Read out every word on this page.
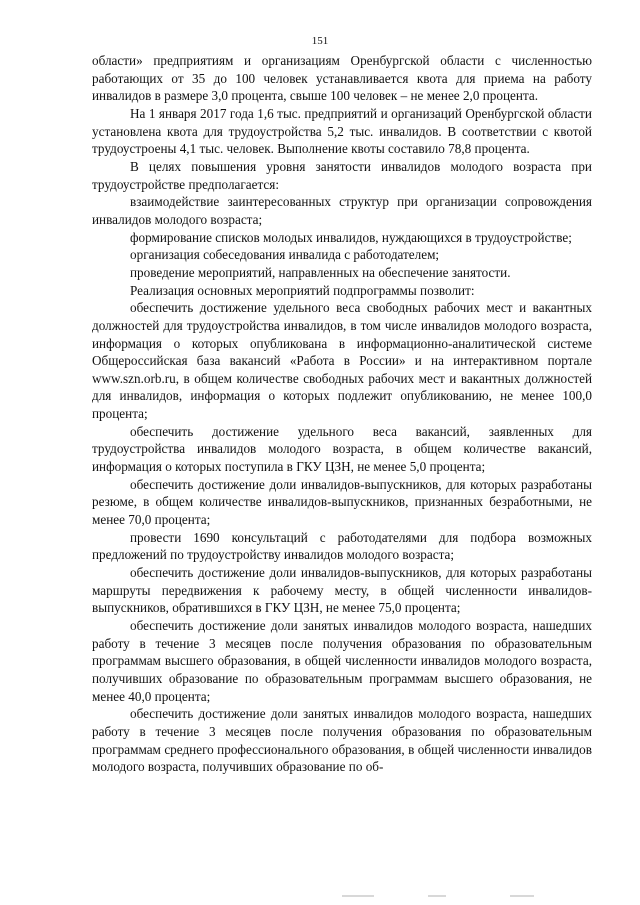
151

области» предприятиям и организациям Оренбургской области с численностью работающих от 35 до 100 человек устанавливается квота для приема на работу инвалидов в размере 3,0 процента, свыше 100 человек – не менее 2,0 процента.

На 1 января 2017 года 1,6 тыс. предприятий и организаций Оренбургской области установлена квота для трудоустройства 5,2 тыс. инвалидов. В соответствии с квотой трудоустроены 4,1 тыс. человек. Выполнение квоты составило 78,8 процента.

В целях повышения уровня занятости инвалидов молодого возраста при трудоустройстве предполагается:

взаимодействие заинтересованных структур при организации сопровождения инвалидов молодого возраста;

формирование списков молодых инвалидов, нуждающихся в трудоустройстве;

организация собеседования инвалида с работодателем;

проведение мероприятий, направленных на обеспечение занятости.

Реализация основных мероприятий подпрограммы позволит:

обеспечить достижение удельного веса свободных рабочих мест и вакантных должностей для трудоустройства инвалидов, в том числе инвалидов молодого возраста, информация о которых опубликована в информационно-аналитической системе Общероссийская база вакансий «Работа в России» и на интерактивном портале www.szn.orb.ru, в общем количестве свободных рабочих мест и вакантных должностей для инвалидов, информация о которых подлежит опубликованию, не менее 100,0 процента;

обеспечить достижение удельного веса вакансий, заявленных для трудоустройства инвалидов молодого возраста, в общем количестве вакансий, информация о которых поступила в ГКУ ЦЗН, не менее 5,0 процента;

обеспечить достижение доли инвалидов-выпускников, для которых разработаны резюме, в общем количестве инвалидов-выпускников, признанных безработными, не менее 70,0 процента;

провести 1690 консультаций с работодателями для подбора возможных предложений по трудоустройству инвалидов молодого возраста;

обеспечить достижение доли инвалидов-выпускников, для которых разработаны маршруты передвижения к рабочему месту, в общей численности инвалидов-выпускников, обратившихся в ГКУ ЦЗН, не менее 75,0 процента;

обеспечить достижение доли занятых инвалидов молодого возраста, нашедших работу в течение 3 месяцев после получения образования по образовательным программам высшего образования, в общей численности инвалидов молодого возраста, получивших образование по образовательным программам высшего образования, не менее 40,0 процента;

обеспечить достижение доли занятых инвалидов молодого возраста, нашедших работу в течение 3 месяцев после получения образования по образовательным программам среднего профессионального образования, в общей численности инвалидов молодого возраста, получивших образование по об-
